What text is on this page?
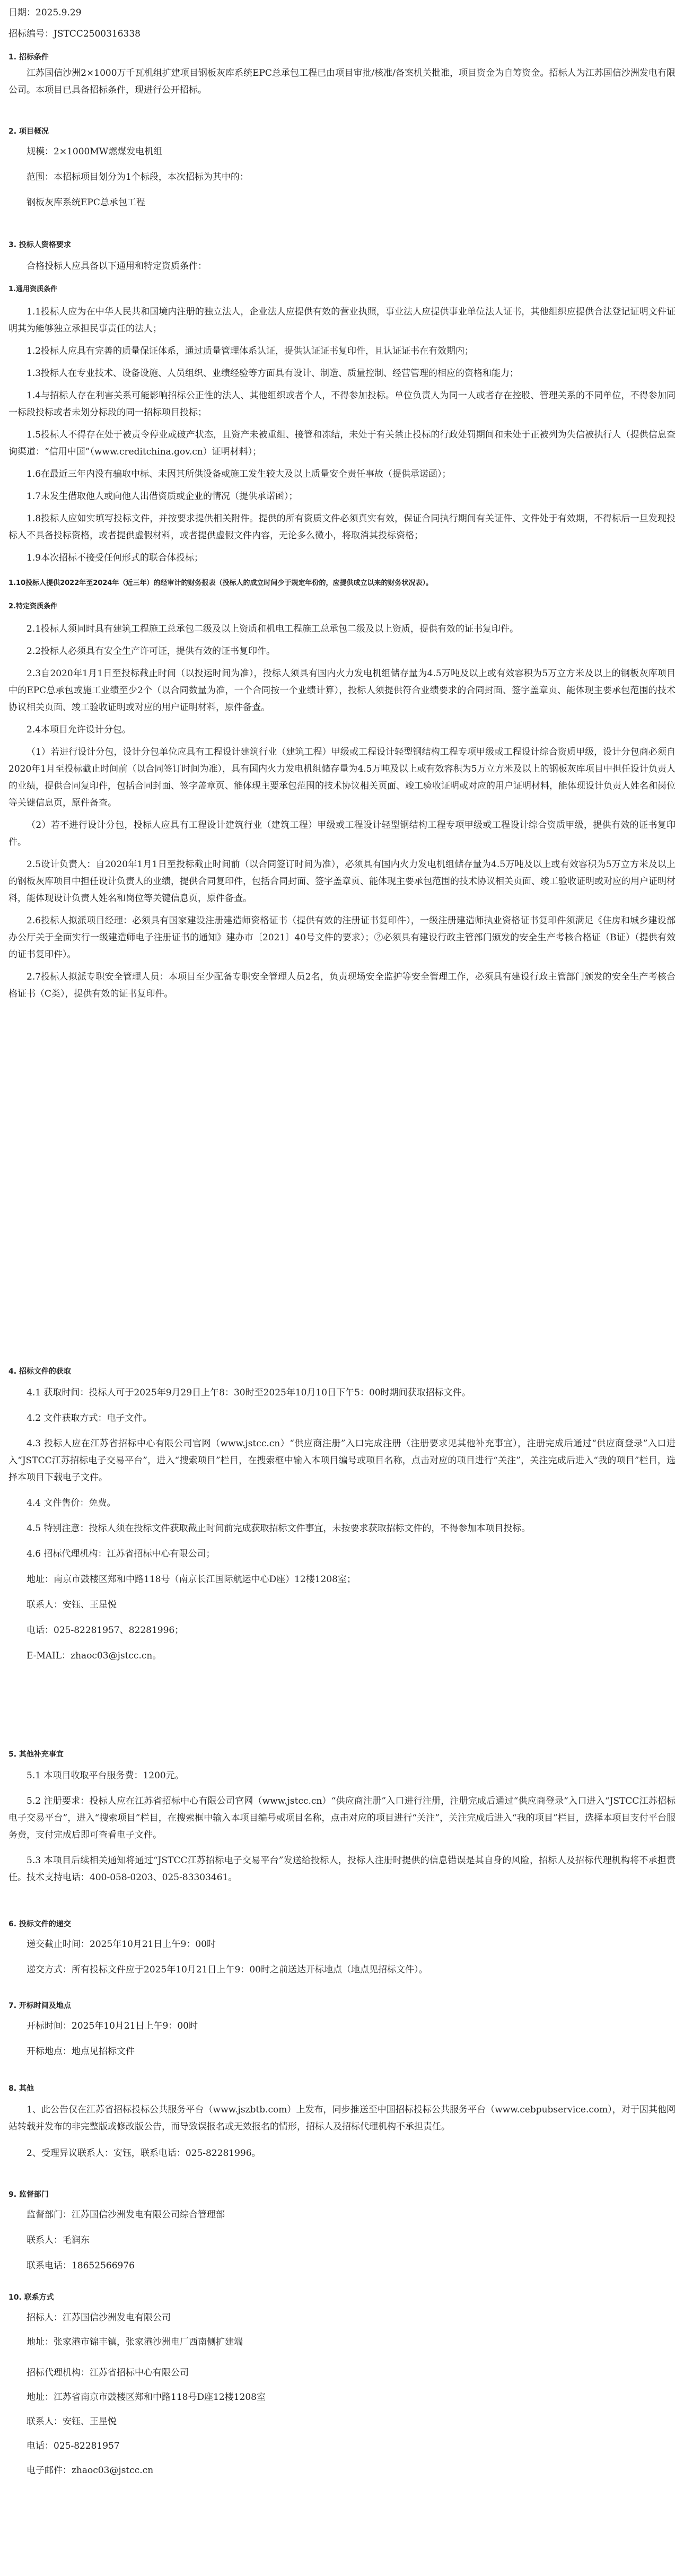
日期：2025.9.29

招标编号：JSTCC2500316338

1. 招标条件

江苏国信沙洲2×1000万千瓦机组扩建项目钢板灰库系统EPC总承包工程已由项目审批/核准/备案机关批准，项目资金为自筹资金。招标人为江苏国信沙洲发电有限公司。本项目已具备招标条件，现进行公开招标。

2. 项目概况

规模：2×1000MW燃煤发电机组

范围：本招标项目划分为1个标段，本次招标为其中的：

钢板灰库系统EPC总承包工程

3. 投标人资格要求

合格投标人应具备以下通用和特定资质条件：

1.通用资质条件

1.1投标人应为在中华人民共和国境内注册的独立法人，企业法人应提供有效的营业执照，事业法人应提供事业单位法人证书，其他组织应提供合法登记证明文件证明其为能够独立承担民事责任的法人；

1.2投标人应具有完善的质量保证体系，通过质量管理体系认证，提供认证证书复印件，且认证证书在有效期内；

1.3投标人在专业技术、设备设施、人员组织、业绩经验等方面具有设计、制造、质量控制、经营管理的相应的资格和能力；

1.4与招标人存在利害关系可能影响招标公正性的法人、其他组织或者个人，不得参加投标。单位负责人为同一人或者存在控股、管理关系的不同单位，不得参加同一标段投标或者未划分标段的同一招标项目投标；

1.5投标人不得存在处于被责令停业或破产状态，且资产未被重组、接管和冻结，未处于有关禁止投标的行政处罚期间和未处于正被列为失信被执行人（提供信息查询渠道：“信用中国”（www.creditchina.gov.cn）证明材料）；

1.6在最近三年内没有骗取中标、未因其所供设备或施工发生较大及以上质量安全责任事故（提供承诺函）；

1.7未发生借取他人或向他人出借资质或企业的情况（提供承诺函）；

1.8投标人应如实填写投标文件，并按要求提供相关附件。提供的所有资质文件必须真实有效，保证合同执行期间有关证件、文件处于有效期，不得标后一旦发现投标人不具备投标资格，或者提供虚假材料，或者提供虚假文件内容，无论多么微小，将取消其投标资格；

1.9本次招标不接受任何形式的联合体投标；

1.10投标人提供2022年至2024年（近三年）的经审计的财务报表（投标人的成立时间少于规定年份的，应提供成立以来的财务状况表）。

2.特定资质条件

2.1投标人须同时具有建筑工程施工总承包二级及以上资质和机电工程施工总承包二级及以上资质，提供有效的证书复印件。

2.2投标人必须具有安全生产许可证，提供有效的证书复印件。

2.3自2020年1月1日至投标截止时间（以投运时间为准），投标人须具有国内火力发电机组储存量为4.5万吨及以上或有效容积为5万立方米及以上的钢板灰库项目中的EPC总承包或施工业绩至少2个（以合同数量为准，一个合同按一个业绩计算），投标人须提供符合业绩要求的合同封面、签字盖章页、能体现主要承包范围的技术协议相关页面、竣工验收证明或对应的用户证明材料，原件备查。

2.4本项目允许设计分包。

（1）若进行设计分包，设计分包单位应具有工程设计建筑行业（建筑工程）甲级或工程设计轻型钢结构工程专项甲级或工程设计综合资质甲级，设计分包商必须自2020年1月至投标截止时间前（以合同签订时间为准），具有国内火力发电机组储存量为4.5万吨及以上或有效容积为5万立方米及以上的钢板灰库项目中担任设计负责人的业绩，提供合同复印件，包括合同封面、签字盖章页、能体现主要承包范围的技术协议相关页面、竣工验收证明或对应的用户证明材料，能体现设计负责人姓名和岗位等关键信息页，原件备查。

（2）若不进行设计分包，投标人应具有工程设计建筑行业（建筑工程）甲级或工程设计轻型钢结构工程专项甲级或工程设计综合资质甲级，提供有效的证书复印件。

2.5设计负责人：自2020年1月1日至投标截止时间前（以合同签订时间为准），必须具有国内火力发电机组储存量为4.5万吨及以上或有效容积为5万立方米及以上的钢板灰库项目中担任设计负责人的业绩，提供合同复印件，包括合同封面、签字盖章页、能体现主要承包范围的技术协议相关页面、竣工验收证明或对应的用户证明材料，能体现设计负责人姓名和岗位等关键信息页，原件备查。

2.6投标人拟派项目经理：必须具有国家建设注册建造师资格证书（提供有效的注册证书复印件），一级注册建造师执业资格证书复印件须满足《住房和城乡建设部办公厅关于全面实行一级建造师电子注册证书的通知》建办市〔2021〕40号文件的要求）；②必须具有建设行政主管部门颁发的安全生产考核合格证（B证）（提供有效的证书复印件）。

2.7投标人拟派专职安全管理人员：本项目至少配备专职安全管理人员2名，负责现场安全监护等安全管理工作，必须具有建设行政主管部门颁发的安全生产考核合格证书（C类），提供有效的证书复印件。

4. 招标文件的获取

4.1 获取时间：投标人可于2025年9月29日上午8：30时至2025年10月10日下午5：00时期间获取招标文件。

4.2 文件获取方式：电子文件。

4.3 投标人应在江苏省招标中心有限公司官网（www.jstcc.cn）“供应商注册”入口完成注册（注册要求见其他补充事宜），注册完成后通过“供应商登录”入口进入“JSTCC江苏招标电子交易平台”，进入“搜索项目”栏目，在搜索框中输入本项目编号或项目名称，点击对应的项目进行“关注”，关注完成后进入“我的项目”栏目，选择本项目下载电子文件。

4.4 文件售价：免费。

4.5 特别注意：投标人须在投标文件获取截止时间前完成获取招标文件事宜，未按要求获取招标文件的，不得参加本项目投标。

4.6 招标代理机构：江苏省招标中心有限公司；

地址：南京市鼓楼区郑和中路118号（南京长江国际航运中心D座）12楼1208室；

联系人：安钰、王星悦

电话：025-82281957、82281996；

E-MAIL：zhaoc03@jstcc.cn。

5. 其他补充事宜

5.1 本项目收取平台服务费：1200元。

5.2 注册要求：投标人应在江苏省招标中心有限公司官网（www.jstcc.cn）“供应商注册”入口进行注册，注册完成后通过“供应商登录”入口进入“JSTCC江苏招标电子交易平台”，进入“搜索项目”栏目，在搜索框中输入本项目编号或项目名称，点击对应的项目进行“关注”，关注完成后进入“我的项目”栏目，选择本项目支付平台服务费，支付完成后即可查看电子文件。

5.3 本项目后续相关通知将通过“JSTCC江苏招标电子交易平台”发送给投标人，投标人注册时提供的信息错误是其自身的风险，招标人及招标代理机构将不承担责任。技术支持电话：400-058-0203、025-83303461。

6. 投标文件的递交

递交截止时间：2025年10月21日上午9：00时

递交方式：所有投标文件应于2025年10月21日上午9：00时之前送达开标地点（地点见招标文件）。

7. 开标时间及地点

开标时间：2025年10月21日上午9：00时

开标地点：地点见招标文件

8. 其他

1、此公告仅在江苏省招标投标公共服务平台（www.jszbtb.com）上发布，同步推送至中国招标投标公共服务平台（www.cebpubservice.com），对于因其他网站转载并发布的非完整版或修改版公告，而导致误报名或无效报名的情形，招标人及招标代理机构不承担责任。

2、受理异议联系人：安钰，联系电话：025-82281996。

9. 监督部门

监督部门：江苏国信沙洲发电有限公司综合管理部

联系人：毛润东

联系电话：18652566976

10. 联系方式

招标人：江苏国信沙洲发电有限公司

地址：张家港市锦丰镇，张家港沙洲电厂西南侧扩建端

招标代理机构：江苏省招标中心有限公司

地址：江苏省南京市鼓楼区郑和中路118号D座12楼1208室

联系人：安钰、王星悦

电话：025-82281957

电子邮件：zhaoc03@jstcc.cn
